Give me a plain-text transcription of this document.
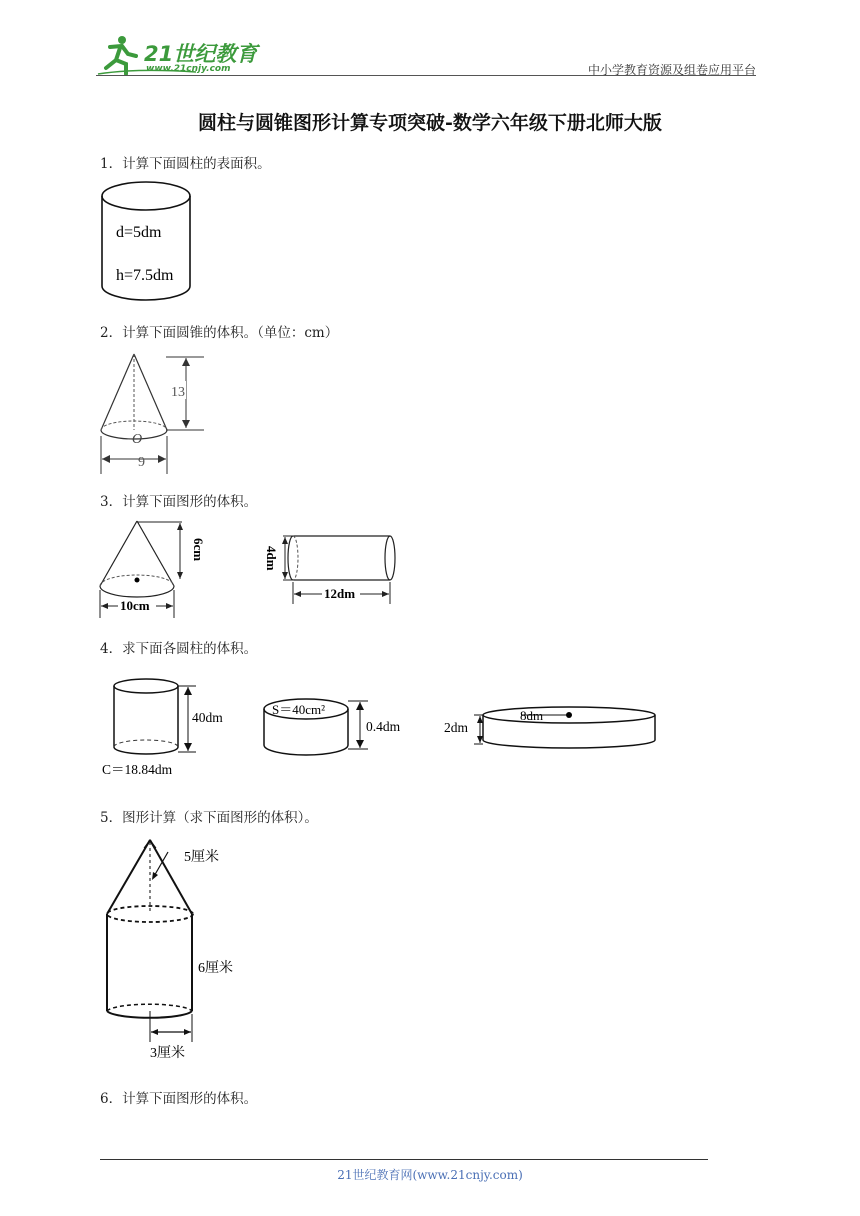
21世纪教育
www.21cnjy.com	中小学教育资源及组卷应用平台
圆柱与圆锥图形计算专项突破-数学六年级下册北师大版
1．计算下面圆柱的表面积。
d=5dm
h=7.5dm
2．计算下面圆锥的体积。（单位：cm）
O
13
9
3．计算下面图形的体积。
6cm
10cm
4dm
12dm
4．求下面各圆柱的体积。
40dm
C＝18.84dm
S＝40cm²
0.4dm
8dm
2dm
5．图形计算（求下面图形的体积）。
5厘米
6厘米
3厘米
6．计算下面图形的体积。
21世纪教育网(www.21cnjy.com)
